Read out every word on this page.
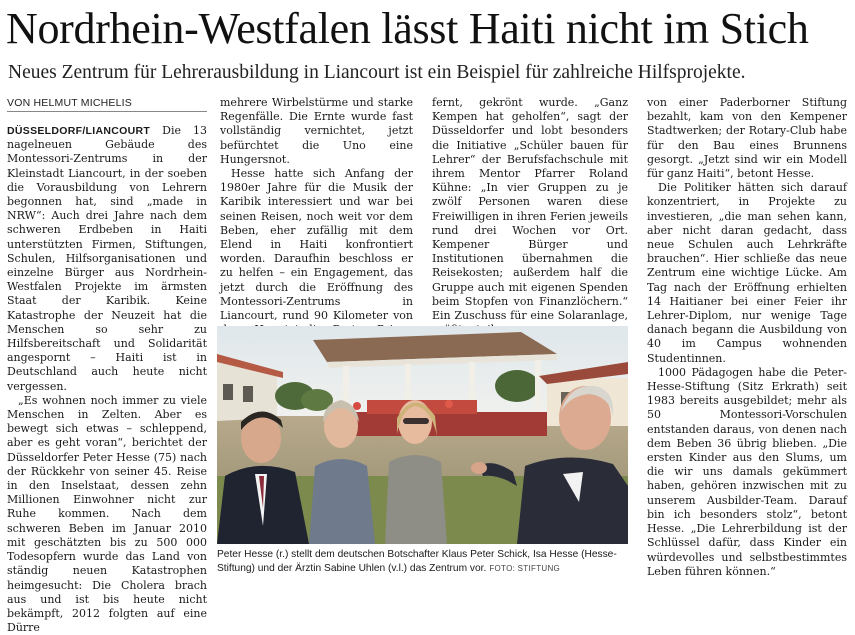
Nordrhein-Westfalen lässt Haiti nicht im Stich
Neues Zentrum für Lehrerausbildung in Liancourt ist ein Beispiel für zahlreiche Hilfsprojekte.
VON HELMUT MICHELIS

DÜSSELDORF/LIANCOURT Die 13 nagelneuen Gebäude des Montessori-Zentrums in der Kleinstadt Liancourt, in der soeben die Vorausbildung von Lehrern begonnen hat, sind „made in NRW“: Auch drei Jahre nach dem schweren Erdbeben in Haiti unterstützten Firmen, Stiftungen, Schulen, Hilfsorganisationen und einzelne Bürger aus Nordrhein-Westfalen Projekte im ärmsten Staat der Karibik. Keine Katastrophe der Neuzeit hat die Menschen so sehr zu Hilfsbereitschaft und Solidarität angespornt – Haiti ist in Deutschland auch heute nicht vergessen.

„Es wohnen noch immer zu viele Menschen in Zelten. Aber es bewegt sich etwas – schleppend, aber es geht voran“, berichtet der Düsseldorfer Peter Hesse (75) nach der Rückkehr von seiner 45. Reise in den Inselstaat, dessen zehn Millionen Einwohner nicht zur Ruhe kommen. Nach dem schweren Beben im Januar 2010 mit geschätzten bis zu 500 000 Todesopfern wurde das Land von ständig neuen Katastrophen heimgesucht: Die Cholera brach aus und ist bis heute nicht bekämpft, 2012 folgten auf eine Dürre

mehrere Wirbelstürme und starke Regenfälle. Die Ernte wurde fast vollständig vernichtet, jetzt befürchtet die Uno eine Hungersnot.

Hesse hatte sich Anfang der 1980er Jahre für die Musik der Karibik interessiert und war bei seinen Reisen, noch weit vor dem Beben, eher zufällig mit dem Elend in Haiti konfrontiert worden. Daraufhin beschloss er zu helfen – ein Engagement, das jetzt durch die Eröffnung des Montessori-Zentrums in Liancourt, rund 90 Kilometer von

fernt, gekrönt wurde. „Ganz Kempen hat geholfen“, sagt der Düsseldorfer und lobt besonders die Initiative „Schüler bauen für Lehrer“ der Berufsfachschule mit ihrem Mentor Pfarrer Roland Kühne: „In vier Gruppen zu je zwölf Personen waren diese Freiwilligen in ihren Ferien jeweils rund drei Wochen vor Ort. Kempener Bürger und Institutionen übernahmen die Reisekosten; außerdem half die Gruppe auch mit eigenen Spenden beim Stopfen von Finanzlöchern.“ Ein Zuschuss für eine Solaranlage,

von einer Paderborner Stiftung bezahlt, kam von den Kempener Stadtwerken; der Rotary-Club habe für den Bau eines Brunnens gesorgt. „Jetzt sind wir ein Modell für ganz Haiti“, betont Hesse.

Die Politiker hätten sich darauf konzentriert, in Projekte zu investieren, „die man sehen kann, aber nicht daran gedacht, dass neue Schulen auch Lehrkräfte brauchen“. Hier schließe das neue Zentrum eine wichtige Lücke. Am Tag nach der Eröffnung erhielten 14 Haitianer bei einer Feier ihr Lehrer-Diplom, nur wenige Tage danach begann die Ausbildung von 40 im Campus wohnenden Studentinnen.

1000 Pädagogen habe die Peter-Hesse-Stiftung (Sitz Erkrath) seit 1983 bereits ausgebildet; mehr als 50 Montessori-Vorschulen entstanden daraus, von denen nach dem Beben 36 übrig blieben. „Die ersten Kinder aus den Slums, um die wir uns damals gekümmert haben, gehören inzwischen mit zu unserem Ausbilder-Team. Darauf bin ich besonders stolz“, betont Hesse. „Die Lehrerbildung ist der Schlüssel dafür, dass Kinder ein würdevolles und selbstbestimmtes Leben führen können.“

Peter Hesse (r.) stellt dem deutschen Botschafter Klaus Peter Schick, Isa Hesse (Hesse-Stiftung) und der Ärztin Sabine Uhlen (v.l.) das Zentrum vor. FOTO: STIFTUNG
